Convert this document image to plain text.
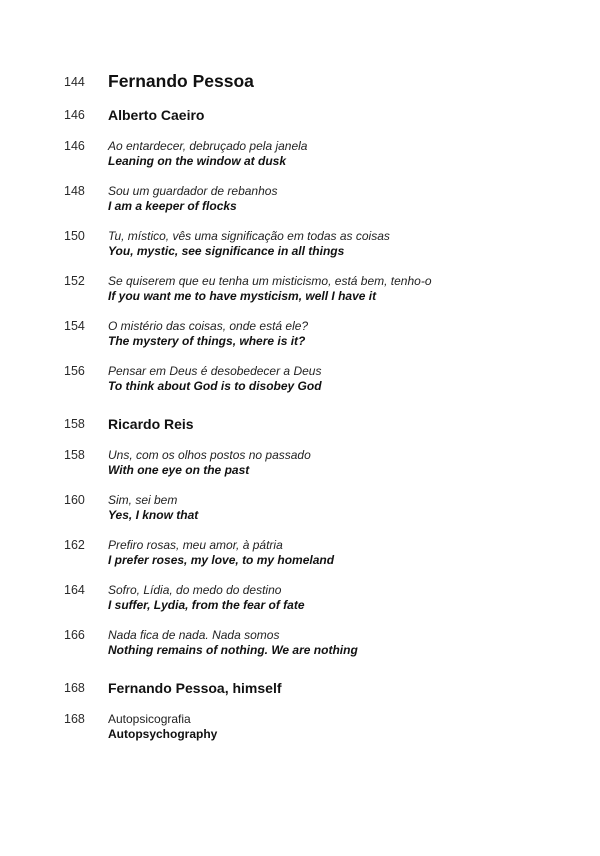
144	Fernando Pessoa
146	Alberto Caeiro
146	Ao entardecer, debruçado pela janela
Leaning on the window at dusk
148	Sou um guardador de rebanhos
I am a keeper of flocks
150	Tu, místico, vês uma significação em todas as coisas
You, mystic, see significance in all things
152	Se quiserem que eu tenha um misticismo, está bem, tenho-o
If you want me to have mysticism, well I have it
154	O mistério das coisas, onde está ele?
The mystery of things, where is it?
156	Pensar em Deus é desobedecer a Deus
To think about God is to disobey God
158	Ricardo Reis
158	Uns, com os olhos postos no passado
With one eye on the past
160	Sim, sei bem
Yes, I know that
162	Prefiro rosas, meu amor, à pátria
I prefer roses, my love, to my homeland
164	Sofro, Lídia, do medo do destino
I suffer, Lydia, from the fear of fate
166	Nada fica de nada. Nada somos
Nothing remains of nothing. We are nothing
168	Fernando Pessoa, himself
168	Autopsicografia
Autopsychography
